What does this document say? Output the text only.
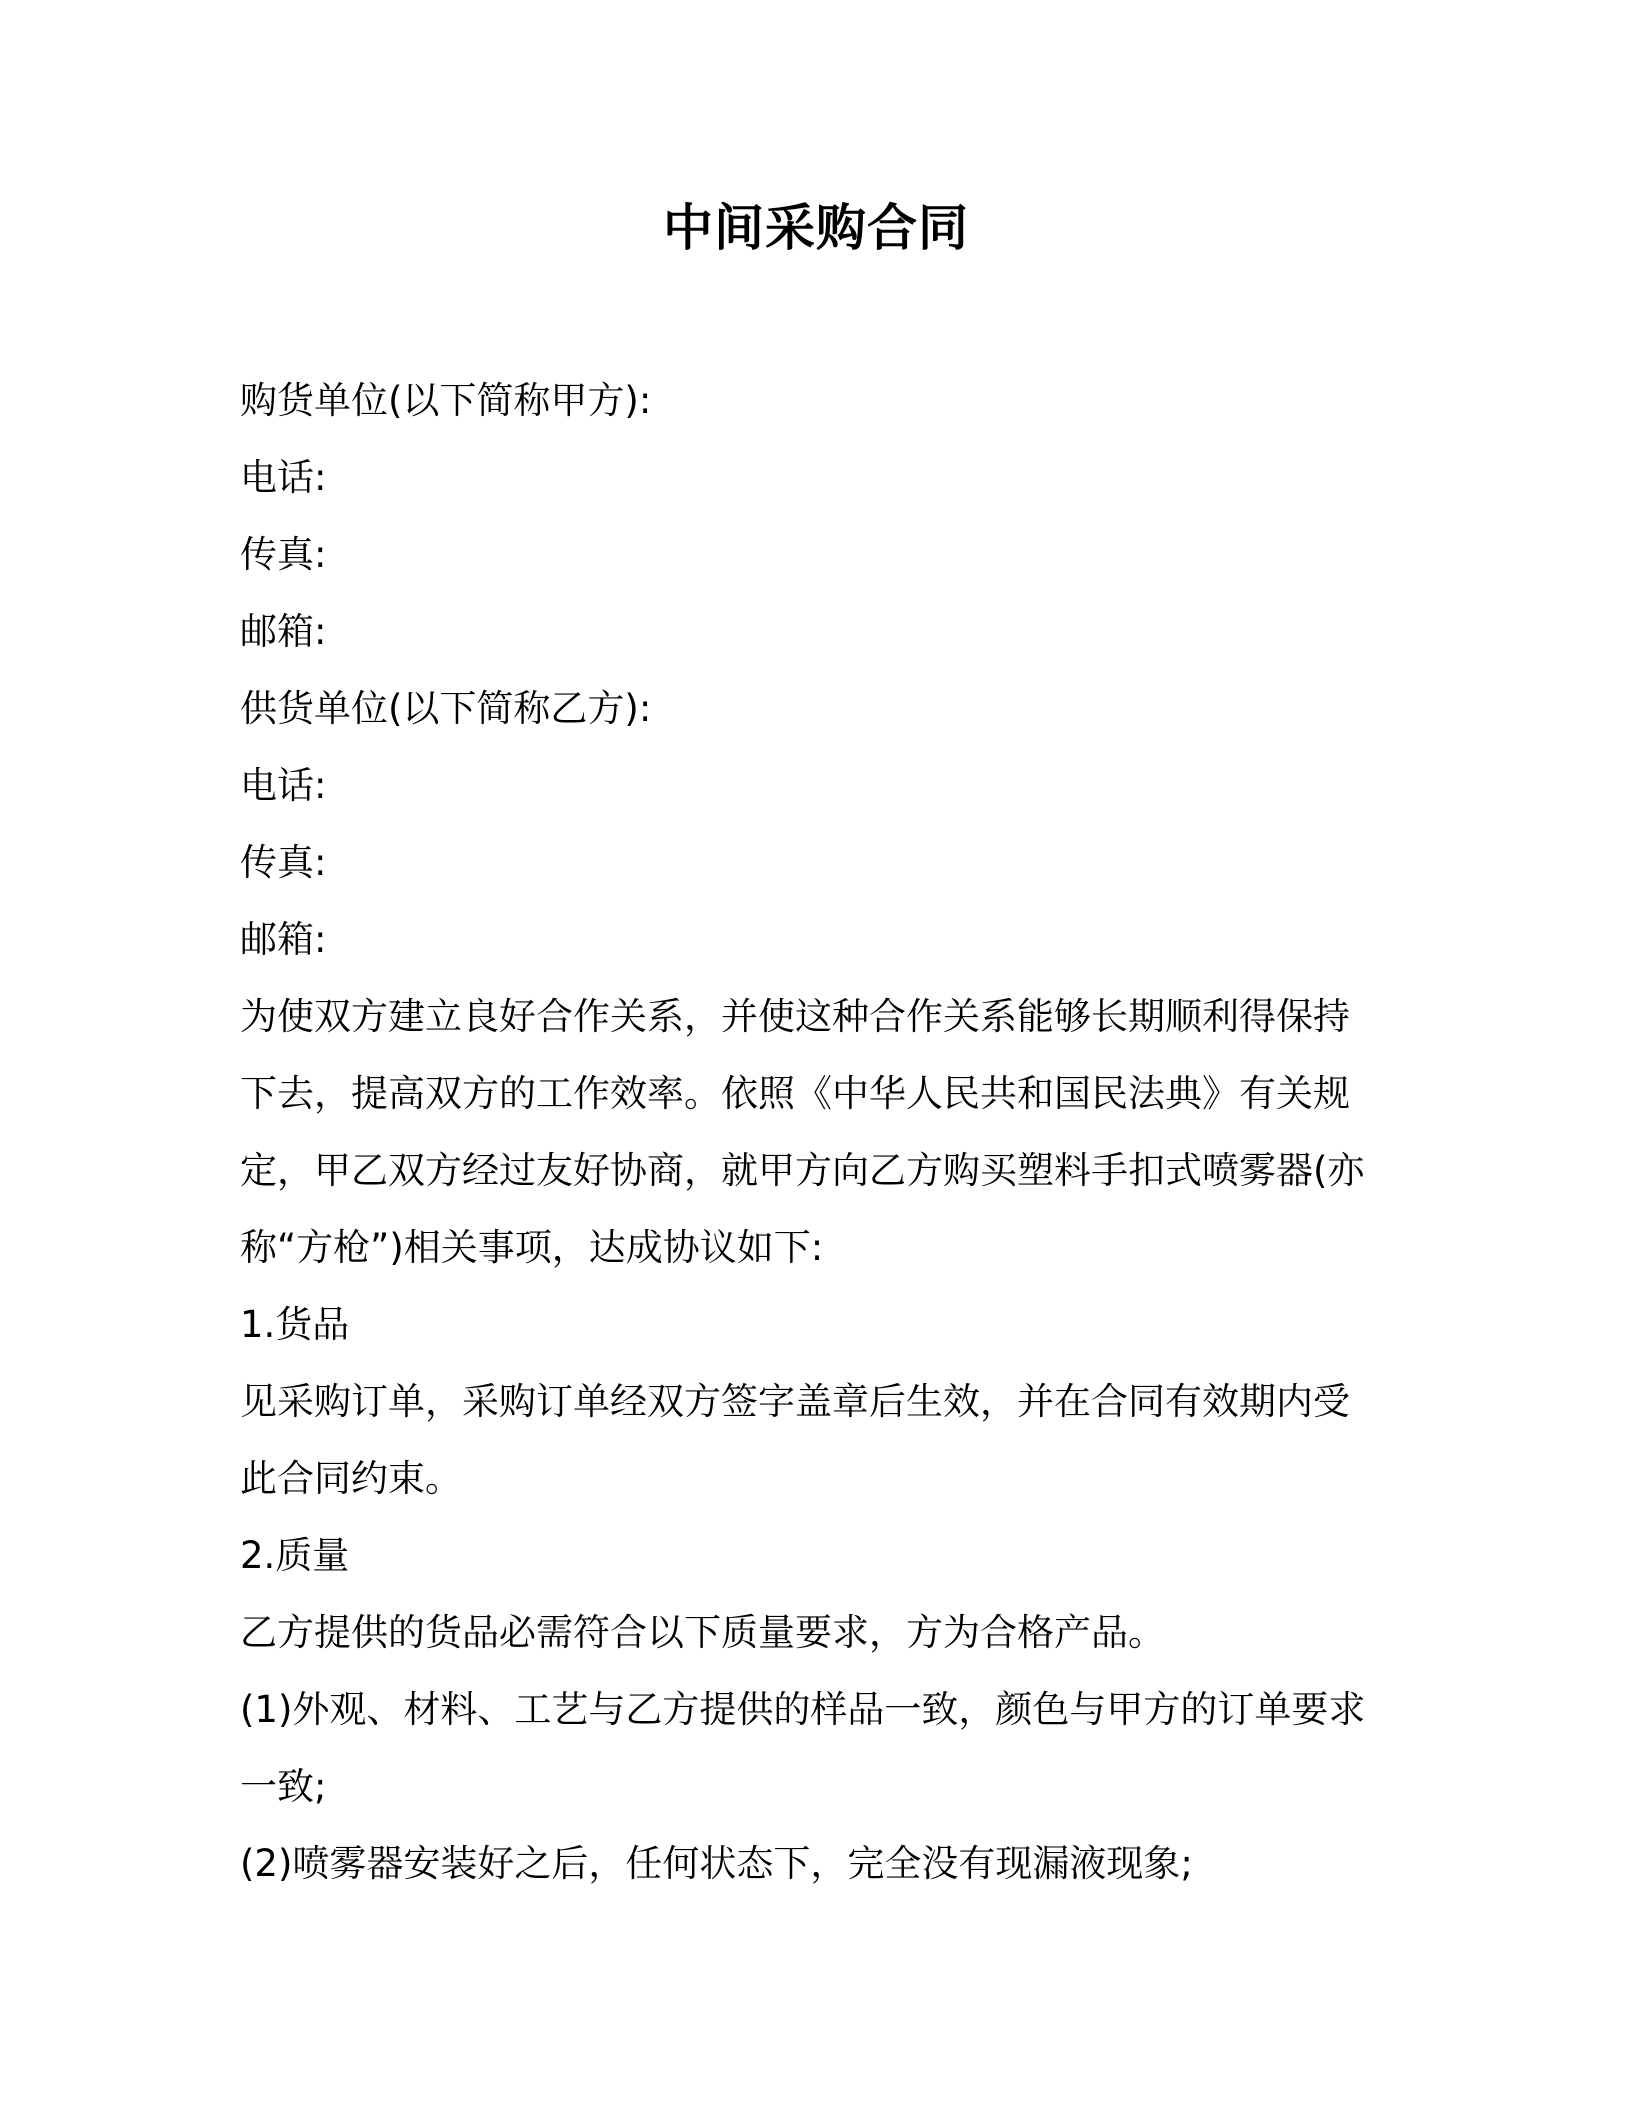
中间采购合同
购货单位(以下简称甲方):
电话:
传真:
邮箱:
供货单位(以下简称乙方):
电话:
传真:
邮箱:
为使双方建立良好合作关系，并使这种合作关系能够长期顺利得保持
下去，提高双方的工作效率。依照《中华人民共和国民法典》有关规
定，甲乙双方经过友好协商，就甲方向乙方购买塑料手扣式喷雾器(亦
称“方枪”)相关事项，达成协议如下:
1.货品
见采购订单，采购订单经双方签字盖章后生效，并在合同有效期内受
此合同约束。
2.质量
乙方提供的货品必需符合以下质量要求，方为合格产品。
(1)外观、材料、工艺与乙方提供的样品一致，颜色与甲方的订单要求
一致;
(2)喷雾器安装好之后，任何状态下，完全没有现漏液现象;
